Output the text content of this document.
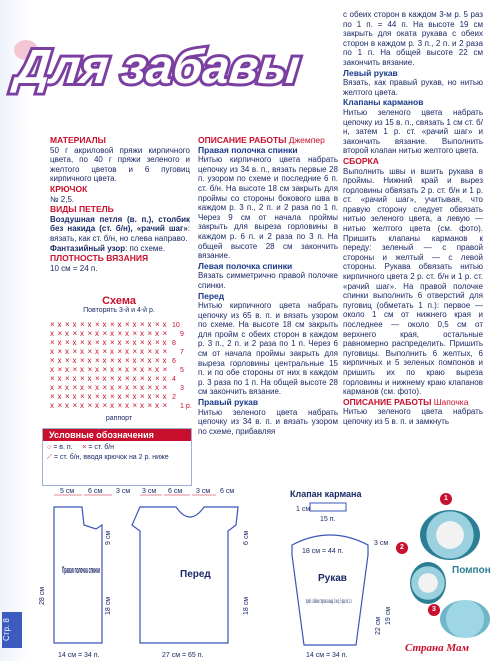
Для забавы

МАТЕРИАЛЫ

50 г акриловой пряжи кирпичного цвета, по 40 г пряжи зеленого и желтого цветов и 6 пуговиц кирпичного цвета.

КРЮЧОК

№ 2,5.

ВИДЫ ПЕТЕЛЬ

Воздушная петля (в. п.), столбик без накида (ст. б/н), «рачий шаг»: вязать, как ст. б/н, но слева направо.

Фантазийный узор: по схеме.

ПЛОТНОСТЬ ВЯЗАНИЯ

10 см = 24 п.

Схема
Повторять 3-й и 4-й р.
× x × x × x × x × x × x × x × x
x × x × x × x × x × x × x × x ×
× x × x × x × x × x × x × x × x
x × x × x × x × x × x × x × x ×
× x × x × x × x × x × x × x × x
x × x × x × x × x × x × x × x ×
× x × x × x × x × x × x × x × x
x × x × x × x × x × x × x × x ×
× x × x × x × x × x × x × x × x
x × x × x × x × x × x × x × x ×
10
8
6
4
2
9
7
5
3
1 р.
раппорт
Условные обозначения
○ = в. п. × = ст. б/н
⟋ = ст. б/н, вводя крючок на 2 р. ниже

ОПИСАНИЕ РАБОТЫ Джемпер

Правая полочка спинки

Нитью кирпичного цвета набрать цепочку из 34 в. п., вязать первые 28 п. узором по схеме и последние 6 п. ст. б/н. На высоте 18 см закрыть для проймы со стороны бокового шва в каждом р. 3 п., 2 п. и 2 раза по 1 п. Через 9 см от начала проймы закрыть для выреза горловины в каждом р. 6 п. и 2 раза по 3 п. На общей высоте 28 см закончить вязание.

Левая полочка спинки

Вязать симметрично правой полочке спинки.

Перед

Нитью кирпичного цвета набрать цепочку из 65 в. п. и вязать узором по схеме. На высоте 18 см закрыть для пройм с обеих сторон в каждом р. 3 п., 2 п. и 2 раза по 1 п. Через 6 см от начала проймы закрыть для выреза горловины центральные 15 п. и по обе стороны от них в каждом р. 3 раза по 1 п. На общей высоте 28 см закончить вязание.

Правый рукав

Нитью зеленого цвета набрать цепочку из 34 в. п. и вязать узором по схеме, прибавляя

с обеих сторон в каждом 3-м р. 5 раз по 1 п. = 44 п. На высоте 19 см закрыть для оката рукава с обеих сторон в каждом р. 3 п., 2 п. и 2 раза по 1 п. На общей высоте 22 см закончить вязание.

Левый рукав

Вязать, как правый рукав, но нитью желтого цвета.

Клапаны карманов

Нитью зеленого цвета набрать цепочку из 15 в. п., связать 1 см ст. б/н, затем 1 р. ст. «рачий шаг» и закончить вязание. Выполнить второй клапан нитью желтого цвета.

СБОРКА

Выполнить швы и вшить рукава в проймы. Нижний край и вырез горловины обвязать 2 р. ст. б/н и 1 р. ст. «рачий шаг», учитывая, что правую сторону следует обвязать нитью зеленого цвета, а левую — нитью желтого цвета (см. фото). Пришить клапаны карманов к переду: зеленый — с правой стороны и желтый — с левой стороны. Рукава обвязать нитью кирпичного цвета 2 р. ст. б/н и 1 р. ст. «рачий шаг». На правой полочке спинки выполнить 6 отверстий для пуговиц (обметать 1 п.): первое — около 1 см от нижнего края и последнее — около 0,5 см от верхнего края, остальные равномерно распределить. Пришить пуговицы. Выполнить 6 желтых, 6 кирпичных и 5 зеленых помпонов и пришить их по краю выреза горловины и нижнему краю клапанов карманов (см. фото).

ОПИСАНИЕ РАБОТЫ Шапочка

Нитью зеленого цвета набрать цепочку из 5 в. п. и замкнуть

5 см 6 см 3 см 3 см 6 см 3 см 6 см
Правая полочка спинки
28 см
18 см
9 см
14 см = 34 п.
Перед
18 см
6 см
27 см = 65 п.
Клапан кармана
1 см
15 п.
18 см = 44 п.
Рукав
приб. с обеих сторон в кажд. 3-м р. 5 раз по 1 п.
22 см
19 см
3 см
14 см = 34 п.
1
2
3
Помпон
Стр. 8
Страна Мам
